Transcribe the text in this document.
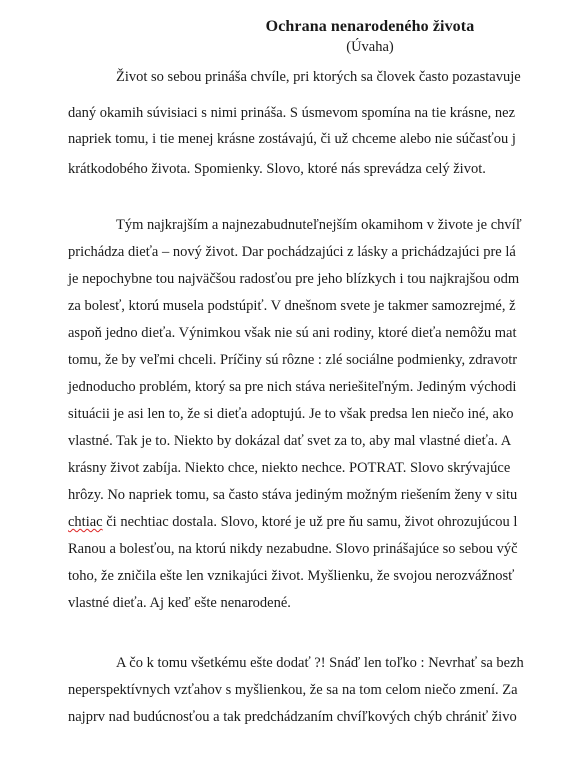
Ochrana nenarodeného života
(Úvaha)
Život so sebou prináša chvíle, pri ktorých sa človek často pozastavuje
daný okamih súvisiaci s nimi prináša. S úsmevom spomína na tie krásne, nez
napriek tomu, i tie menej krásne zostávajú, či už chceme alebo nie súčasťou j
krátkodobého života. Spomienky. Slovo, ktoré nás sprevádza celý život.
Tým najkrajším a najnezabudnuteľnejším okamihom v živote je chvíľ
prichádza dieťa – nový život. Dar pochádzajúci z lásky a prichádzajúci pre lá
je nepochybne tou najväčšou radosťou pre jeho blízkych i tou najkrajšou odm
za bolesť, ktorú musela podstúpiť. V dnešnom svete je takmer samozrejmé, ž
aspoň jedno dieťa. Výnimkou však nie sú ani rodiny, ktoré dieťa nemôžu mat
tomu, že by veľmi chceli. Príčiny sú rôzne : zlé sociálne podmienky, zdravotr
jednoducho problém, ktorý sa pre nich stáva neriešiteľným. Jediným východi
situácii je asi len to, že si dieťa adoptujú. Je to však predsa len niečo iné, ako
vlastné. Tak je to. Niekto by dokázal dať svet za to, aby mal vlastné dieťa. A
krásny život zabíja. Niekto chce, niekto nechce. POTRAT. Slovo skrývajúce
hrôzy. No napriek tomu, sa často stáva jediným možným riešením ženy v situ
chtiac či nechtiac dostala. Slovo, ktoré je už pre ňu samu, život ohrozujúcou l
Ranou a bolesťou, na ktorú nikdy nezabudne. Slovo prinášajúce so sebou výč
toho, že zničila ešte len vznikajúci život. Myšlienku, že svojou nerozvážnosť
vlastné dieťa. Aj keď ešte nenarodené.
A čo k tomu všetkému ešte dodať ?! Snáď len toľko : Nevrhať sa bezh
neperspektívnych vzťahov s myšlienkou, že sa na tom celom niečo zmení. Za
najprv nad budúcnosťou a tak predchádzaním chvíľkových chýb chrániť živo
